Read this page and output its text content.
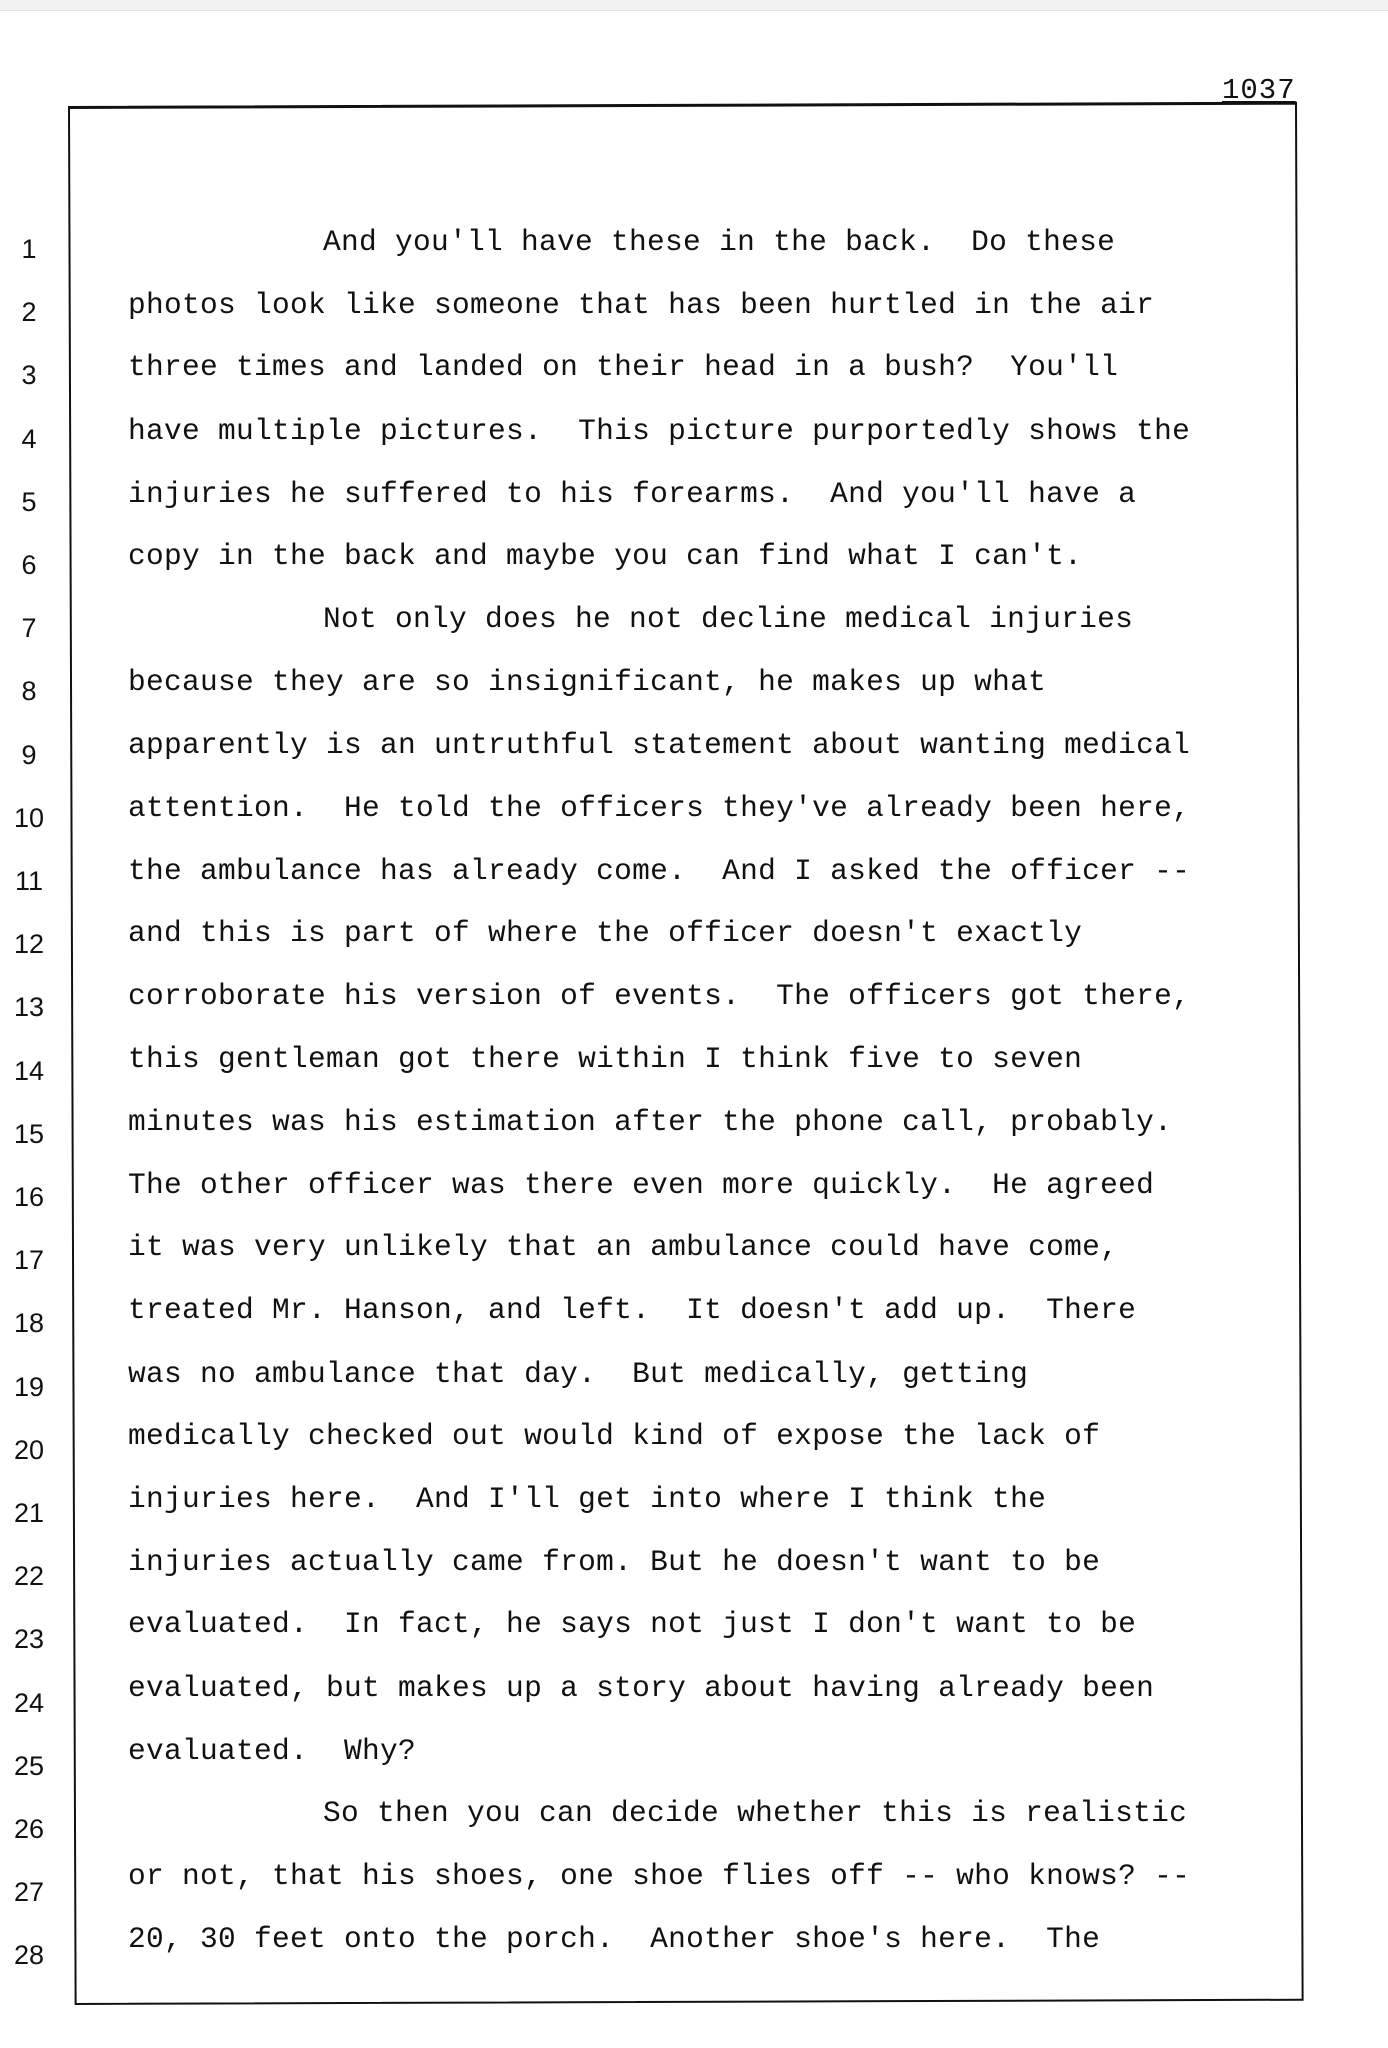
1037
1
2
3
4
5
6
7
8
9
10
11
12
13
14
15
16
17
18
19
20
21
22
23
24
25
26
27
28
And you'll have these in the back.  Do these
photos look like someone that has been hurtled in the air
three times and landed on their head in a bush?  You'll
have multiple pictures.  This picture purportedly shows the
injuries he suffered to his forearms.  And you'll have a
copy in the back and maybe you can find what I can't.
Not only does he not decline medical injuries
because they are so insignificant, he makes up what
apparently is an untruthful statement about wanting medical
attention.  He told the officers they've already been here,
the ambulance has already come.  And I asked the officer --
and this is part of where the officer doesn't exactly
corroborate his version of events.  The officers got there,
this gentleman got there within I think five to seven
minutes was his estimation after the phone call, probably.
The other officer was there even more quickly.  He agreed
it was very unlikely that an ambulance could have come,
treated Mr. Hanson, and left.  It doesn't add up.  There
was no ambulance that day.  But medically, getting
medically checked out would kind of expose the lack of
injuries here.  And I'll get into where I think the
injuries actually came from. But he doesn't want to be
evaluated.  In fact, he says not just I don't want to be
evaluated, but makes up a story about having already been
evaluated.  Why?
So then you can decide whether this is realistic
or not, that his shoes, one shoe flies off -- who knows? --
20, 30 feet onto the porch.  Another shoe's here.  The
